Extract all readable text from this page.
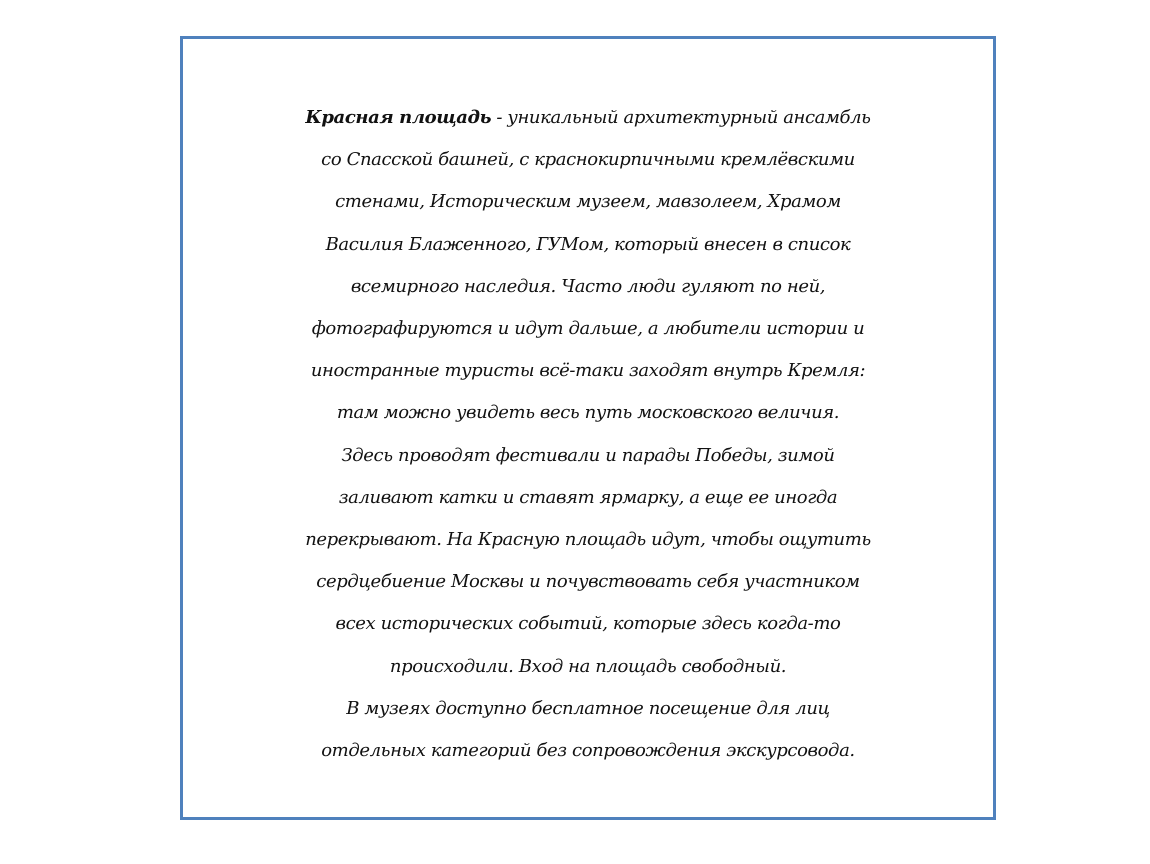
Красная площадь - уникальный архитектурный ансамбль
со Спасской башней, с краснокирпичными кремлёвскими
стенами, Историческим музеем, мавзолеем, Храмом
Василия Блаженного, ГУМом, который внесен в список
всемирного наследия. Часто люди гуляют по ней,
фотографируются и идут дальше, а любители истории и
иностранные туристы всё-таки заходят внутрь Кремля:
там можно увидеть весь путь московского величия.
Здесь проводят фестивали и парады Победы, зимой
заливают катки и ставят ярмарку, а еще ее иногда
перекрывают. На Красную площадь идут, чтобы ощутить
сердцебиение Москвы и почувствовать себя участником
всех исторических событий, которые здесь когда-то
происходили. Вход на площадь свободный.
В музеях доступно бесплатное посещение для лиц
отдельных категорий без сопровождения экскурсовода.
